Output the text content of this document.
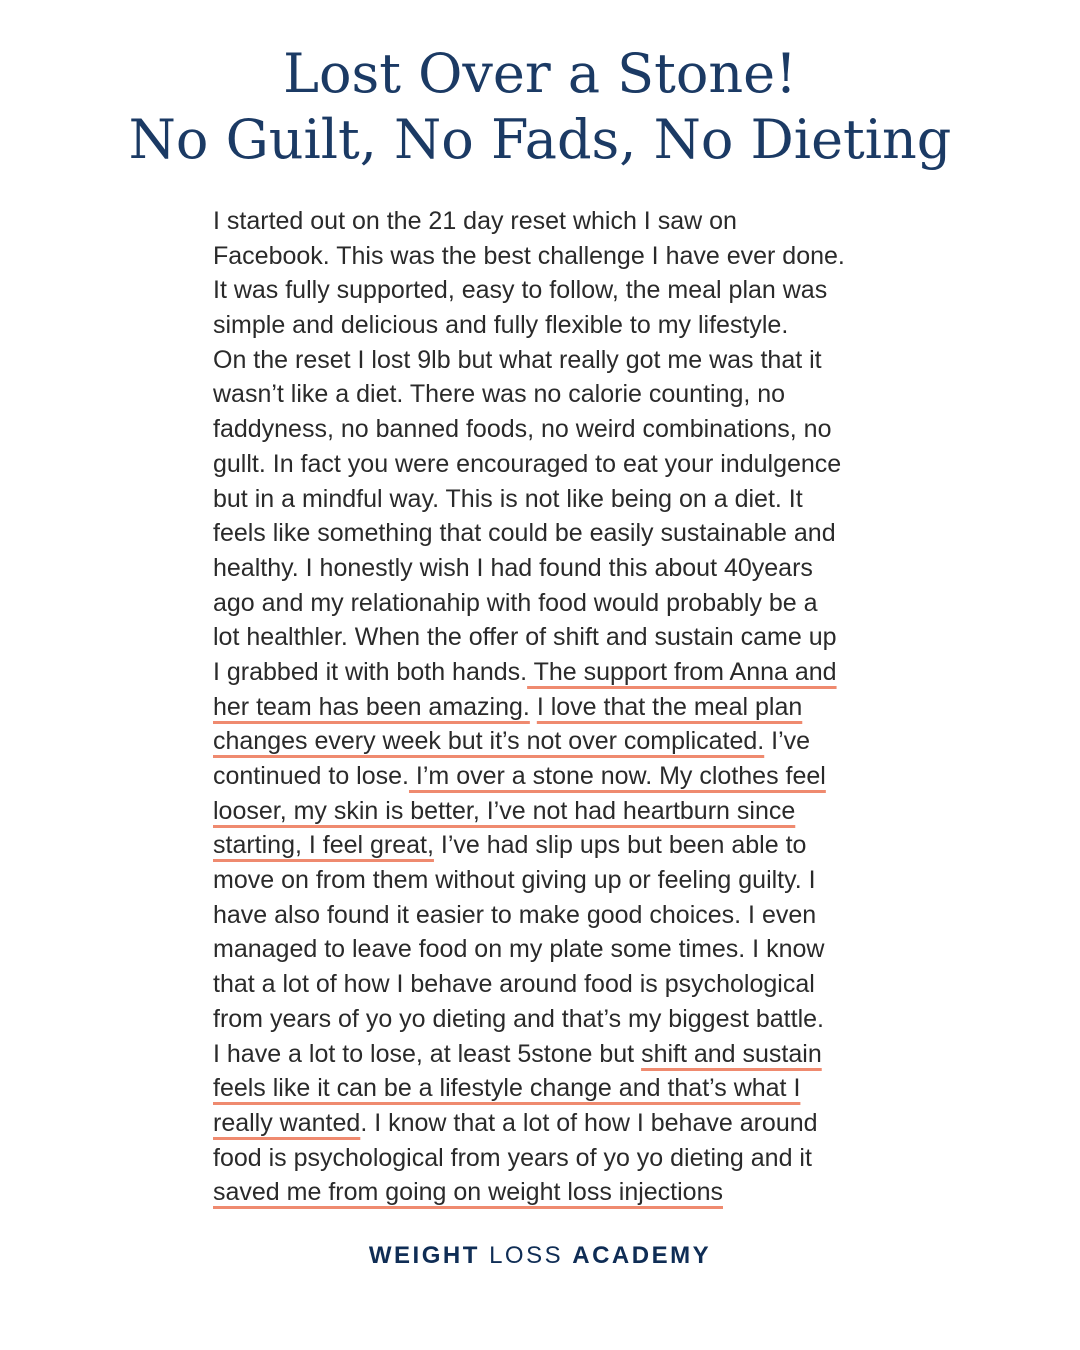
Lost Over a Stone!
No Guilt, No Fads, No Dieting
I started out on the 21 day reset which I saw on
Facebook. This was the best challenge I have ever done.
It was fully supported, easy to follow, the meal plan was
simple and delicious and fully flexible to my lifestyle.
On the reset I lost 9lb but what really got me was that it
wasn’t like a diet. There was no calorie counting, no
faddyness, no banned foods, no weird combinations, no
gullt. In fact you were encouraged to eat your indulgence
but in a mindful way. This is not like being on a diet. It
feels like something that could be easily sustainable and
healthy. I honestly wish I had found this about 40years
ago and my relationahip with food would probably be a
lot healthler. When the offer of shift and sustain came up
I grabbed it with both hands. The support from Anna and
her team has been amazing. I love that the meal plan
changes every week but it’s not over complicated. I’ve
continued to lose. I’m over a stone now. My clothes feel
looser, my skin is better, I’ve not had heartburn since
starting, I feel great, I’ve had slip ups but been able to
move on from them without giving up or feeling guilty. I
have also found it easier to make good choices. I even
managed to leave food on my plate some times. I know
that a lot of how I behave around food is psychological
from years of yo yo dieting and that’s my biggest battle.
I have a lot to lose, at least 5stone but shift and sustain
feels like it can be a lifestyle change and that’s what I
really wanted. I know that a lot of how I behave around
food is psychological from years of yo yo dieting and it
saved me from going on weight loss injections
WEIGHT LOSS ACADEMY
